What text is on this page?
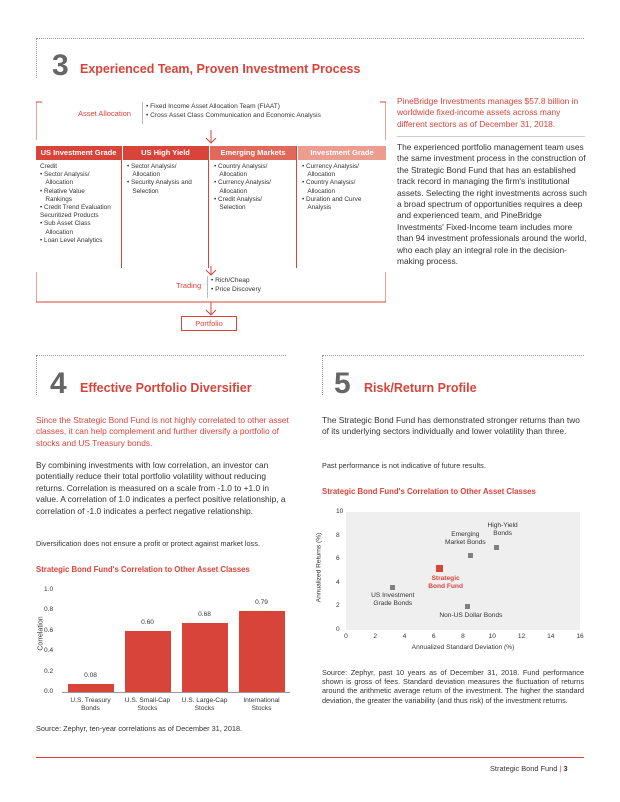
3 Experienced Team, Proven Investment Process
Asset Allocation
• Fixed Income Asset Allocation Team (FIAAT)
• Cross Asset Class Communication and Economic Analysis
US Investment Grade
Credit
• Sector Analysis/
Allocation
• Relative Value
Rankings
• Credit Trend Evaluation
Securitized Products
• Sub Asset Class
Allocation
• Loan Level Analytics
US High Yield
• Sector Analysis/
Allocation
• Security Analysis and
Selection
Emerging Markets
• Country Analysis/
Allocation
• Currency Analysis/
Allocation
• Credit Analysis/
Selection
Investment Grade
• Currency Analysis/
Allocation
• Country Analysis/
Allocation
• Duration and Curve
Analysis
Trading
• Rich/Cheap
• Price Discovery
Portfolio
PineBridge Investments manages $57.8 billion in worldwide fixed-income assets across many different sectors as of December 31, 2018.
The experienced portfolio management team uses the same investment process in the construction of the Strategic Bond Fund that has an established track record in managing the firm's institutional assets. Selecting the right investments across such a broad spectrum of opportunities requires a deep and experienced team, and PineBridge Investments' Fixed-Income team includes more than 94 investment professionals around the world, who each play an integral role in the decision-making process.
4 Effective Portfolio Diversifier
Since the Strategic Bond Fund is not highly correlated to other asset classes, it can help complement and further diversify a portfolio of stocks and US Treasury bonds.
By combining investments with low correlation, an investor can potentially reduce their total portfolio volatility without reducing returns. Correlation is measured on a scale from -1.0 to +1.0 in value. A correlation of 1.0 indicates a perfect positive relationship, a correlation of -1.0 indicates a perfect negative relationship.
Diversification does not ensure a profit or protect against market loss.
Strategic Bond Fund's Correlation to Other Asset Classes
Correlation
0.0
0.2
0.4
0.6
0.8
1.0
0.08
U.S. Treasury
Bonds
0.60
U.S. Small-Cap
Stocks
0.68
U.S. Large-Cap
Stocks
0.79
International
Stocks
Source: Zephyr, ten-year correlations as of December 31, 2018.
5 Risk/Return Profile
The Strategic Bond Fund has demonstrated stronger returns than two of its underlying sectors individually and lower volatility than three.
Past performance is not indicative of future results.
Strategic Bond Fund's Correlation to Other Asset Classes
0
2
4
6
8
10
0	2	4	6	8	10	12	14	16
Annualized Standard Deviation (%)
Annualized Returns (%)	Strategic
Bond Fund
US Investment
Grade Bonds
Emerging
Market Bonds
High-Yield
Bonds
Non-US Dollar Bonds
Source: Zephyr, past 10 years as of December 31, 2018. Fund performance shown is gross of fees. Standard deviation measures the fluctuation of returns around the arithmetic average return of the investment. The higher the standard deviation, the greater the variability (and thus risk) of the investment returns.
Strategic Bond Fund | 3
